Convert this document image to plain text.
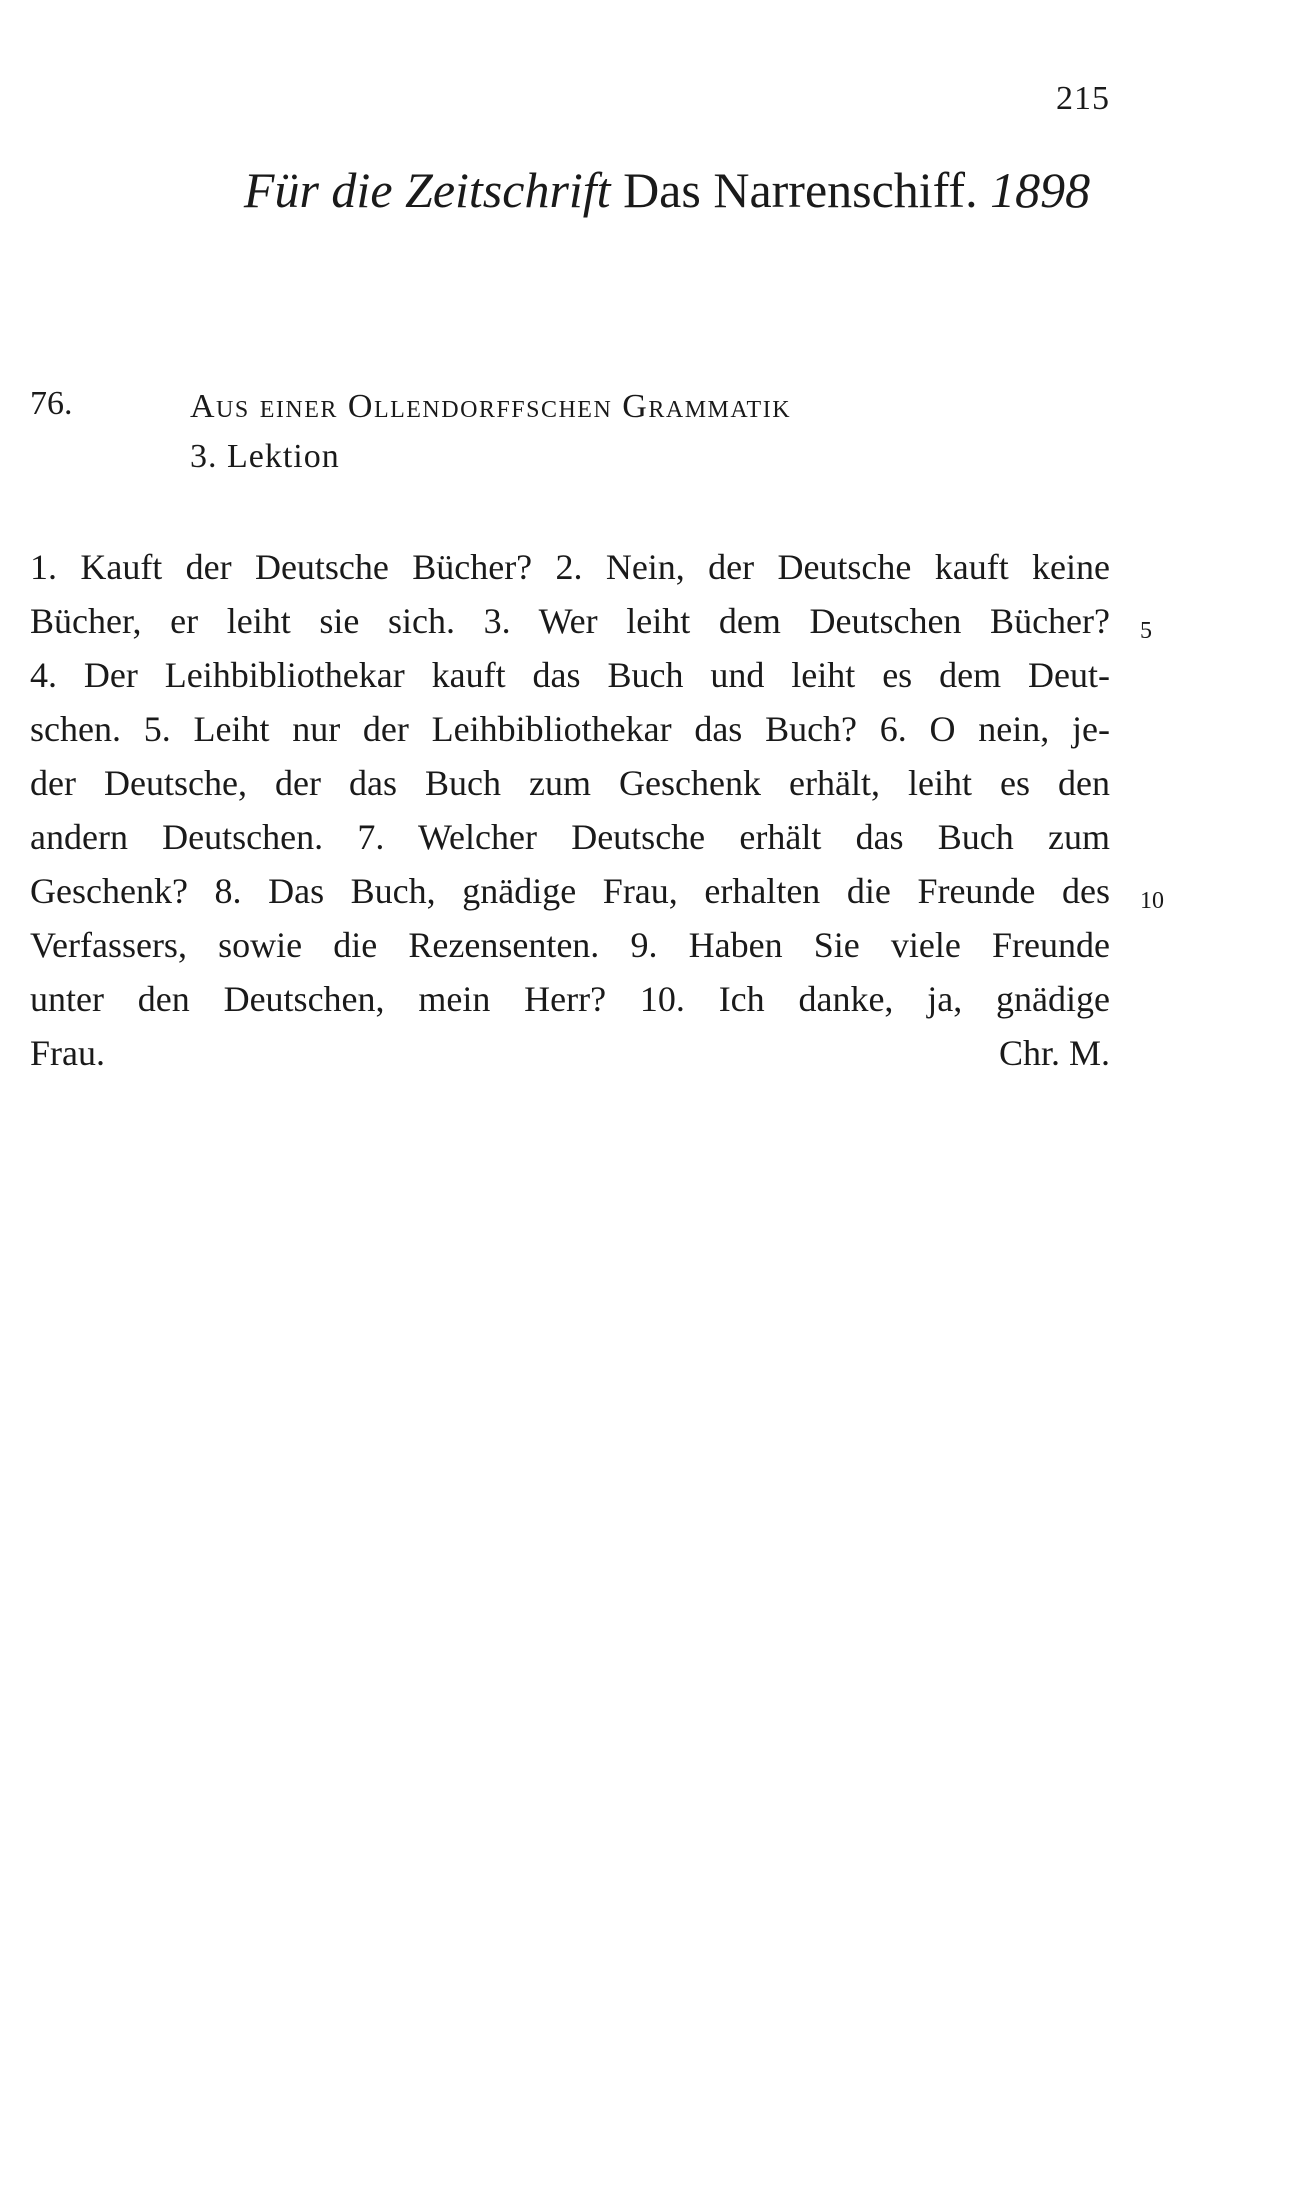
215
Für die Zeitschrift Das Narrenschiff. 1898
76.	Aus einer Ollendorffschen Grammatik
3. Lektion
1. Kauft der Deutsche Bücher? 2. Nein, der Deutsche kauft keine
Bücher, er leiht sie sich. 3. Wer leiht dem Deutschen Bücher?
4. Der Leihbibliothekar kauft das Buch und leiht es dem Deut-
schen. 5. Leiht nur der Leihbibliothekar das Buch? 6. O nein, je-
der Deutsche, der das Buch zum Geschenk erhält, leiht es den
andern Deutschen. 7. Welcher Deutsche erhält das Buch zum
Geschenk? 8. Das Buch, gnädige Frau, erhalten die Freunde des
Verfassers, sowie die Rezensenten. 9. Haben Sie viele Freunde
unter den Deutschen, mein Herr? 10. Ich danke, ja, gnädige
Frau.	Chr. M.
5
10
